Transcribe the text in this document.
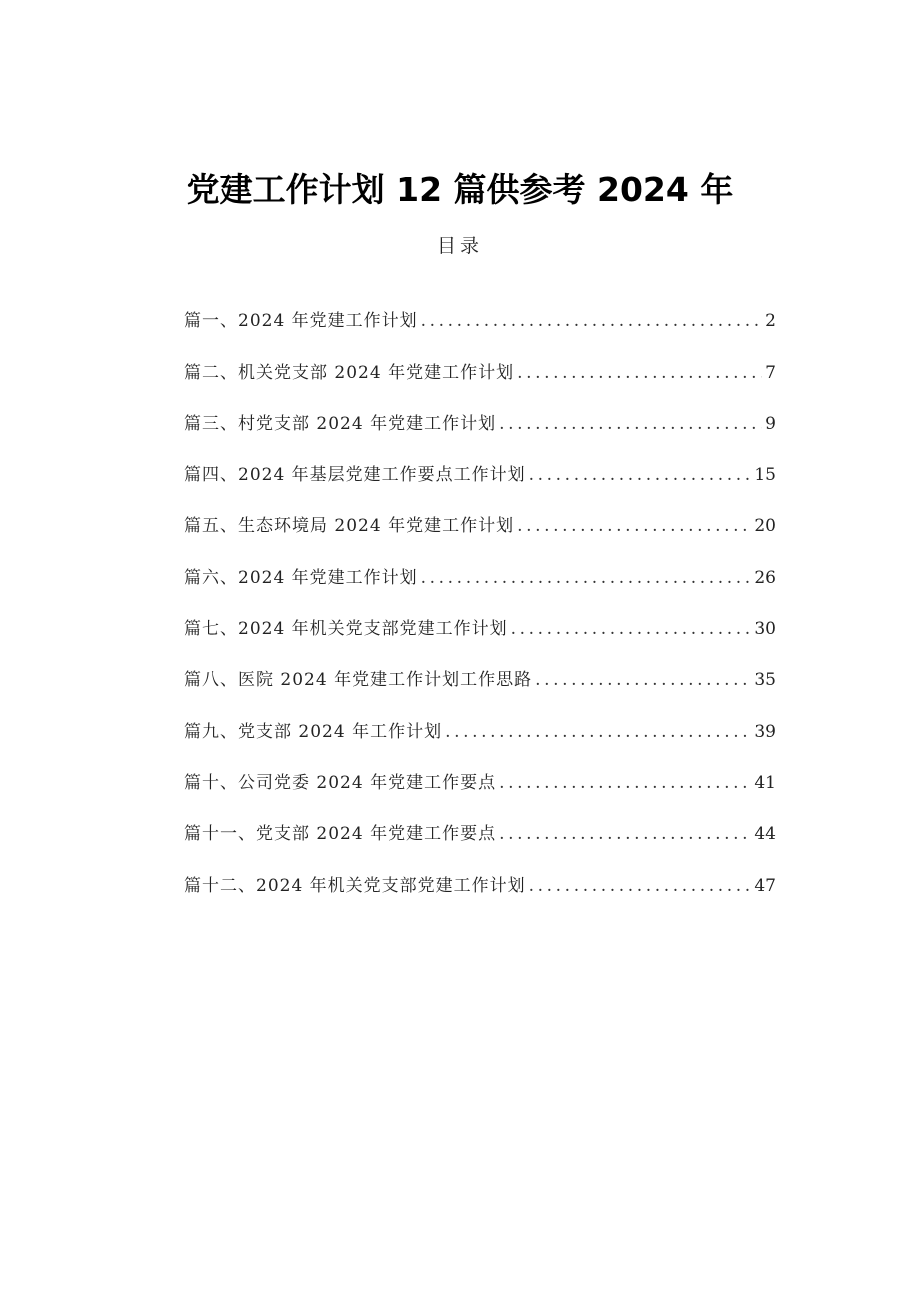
党建工作计划 12 篇供参考 2024 年
目录
篇一、2024 年党建工作计划 .....	2
篇二、机关党支部 2024 年党建工作计划 .....	7
篇三、村党支部 2024 年党建工作计划 .....	9
篇四、2024 年基层党建工作要点工作计划 .....	15
篇五、生态环境局 2024 年党建工作计划 .....	20
篇六、2024 年党建工作计划 .....	26
篇七、2024 年机关党支部党建工作计划 .....	30
篇八、医院 2024 年党建工作计划工作思路 .....	35
篇九、党支部 2024 年工作计划 .....	39
篇十、公司党委 2024 年党建工作要点 .....	41
篇十一、党支部 2024 年党建工作要点 .....	44
篇十二、2024 年机关党支部党建工作计划 .....	47
